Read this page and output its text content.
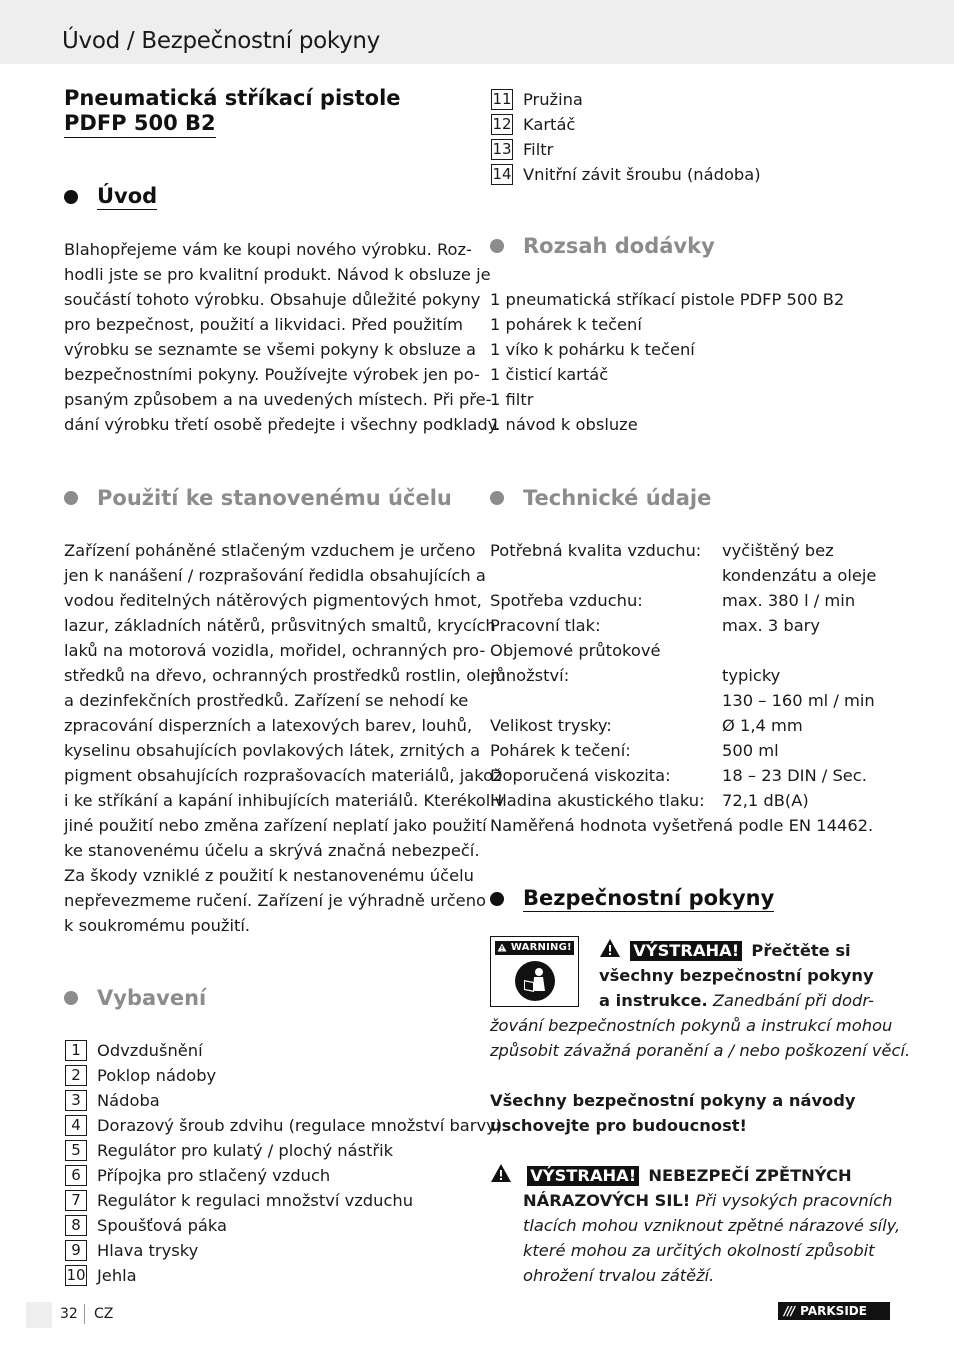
Úvod / Bezpečnostní pokyny
Pneumatická stříkací pistole
PDFP 500 B2
Úvod
Blahopřejeme vám ke koupi nového výrobku. Roz-
hodli jste se pro kvalitní produkt. Návod k obsluze je
součástí tohoto výrobku. Obsahuje důležité pokyny
pro bezpečnost, použití a likvidaci. Před použitím
výrobku se seznamte se všemi pokyny k obsluze a
bezpečnostními pokyny. Používejte výrobek jen po-
psaným způsobem a na uvedených místech. Při pře-
dání výrobku třetí osobě předejte i všechny podklady.
Použití ke stanovenému účelu
Zařízení poháněné stlačeným vzduchem je určeno
jen k nanášení / rozprašování ředidla obsahujících a
vodou ředitelných nátěrových pigmentových hmot,
lazur, základních nátěrů, průsvitných smaltů, krycích
laků na motorová vozidla, mořidel, ochranných pro-
středků na dřevo, ochranných prostředků rostlin, olejů
a dezinfekčních prostředků. Zařízení se nehodí ke
zpracování disperzních a latexových barev, louhů,
kyselinu obsahujících povlakových látek, zrnitých a
pigment obsahujících rozprašovacích materiálů, jakož
i ke stříkání a kapání inhibujících materiálů. Kterékoliv
jiné použití nebo změna zařízení neplatí jako použití
ke stanovenému účelu a skrývá značná nebezpečí.
Za škody vzniklé z použití k nestanovenému účelu
nepřevezmeme ručení. Zařízení je výhradně určeno
k soukromému použití.
Vybavení
1 Odvzdušnění
2 Poklop nádoby
3 Nádoba
4 Dorazový šroub zdvihu (regulace množství barvy)
5 Regulátor pro kulatý / plochý nástřik
6 Přípojka pro stlačený vzduch
7 Regulátor k regulaci množství vzduchu
8 Spoušťová páka
9 Hlava trysky
10 Jehla
11 Pružina
12 Kartáč
13 Filtr
14 Vnitřní závit šroubu (nádoba)
Rozsah dodávky
1 pneumatická stříkací pistole PDFP 500 B2
1 pohárek k tečení
1 víko k pohárku k tečení
1 čisticí kartáč
1 filtr
1 návod k obsluze
Technické údaje
Potřebná kvalita vzduchu:	vyčištěný bez
kondenzátu a oleje
Spotřeba vzduchu:	max. 380 l / min
Pracovní tlak:	max. 3 bary
Objemové průtokové
množství:	typicky
130 – 160 ml / min
Velikost trysky:	Ø 1,4 mm
Pohárek k tečení:	500 ml
Doporučená viskozita:	18 – 23 DIN / Sec.
Hladina akustického tlaku:	72,1 dB(A)
Naměřená hodnota vyšetřená podle EN 14462.
Bezpečnostní pokyny
WARNING!	VÝSTRAHA! Přečtěte si
všechny bezpečnostní pokyny
a instrukce. Zanedbání při dodr-
žování bezpečnostních pokynů a instrukcí mohou
způsobit závažná poranění a / nebo poškození věcí.
Všechny bezpečnostní pokyny a návody
uschovejte pro budoucnost!
VÝSTRAHA! NEBEZPEČÍ ZPĚTNÝCH
NÁRAZOVÝCH SIL! Při vysokých pracovních
tlacích mohou vzniknout zpětné nárazové síly,
které mohou za určitých okolností způsobit
ohrožení trvalou zátěží.
32 CZ	/// PARKSIDE
